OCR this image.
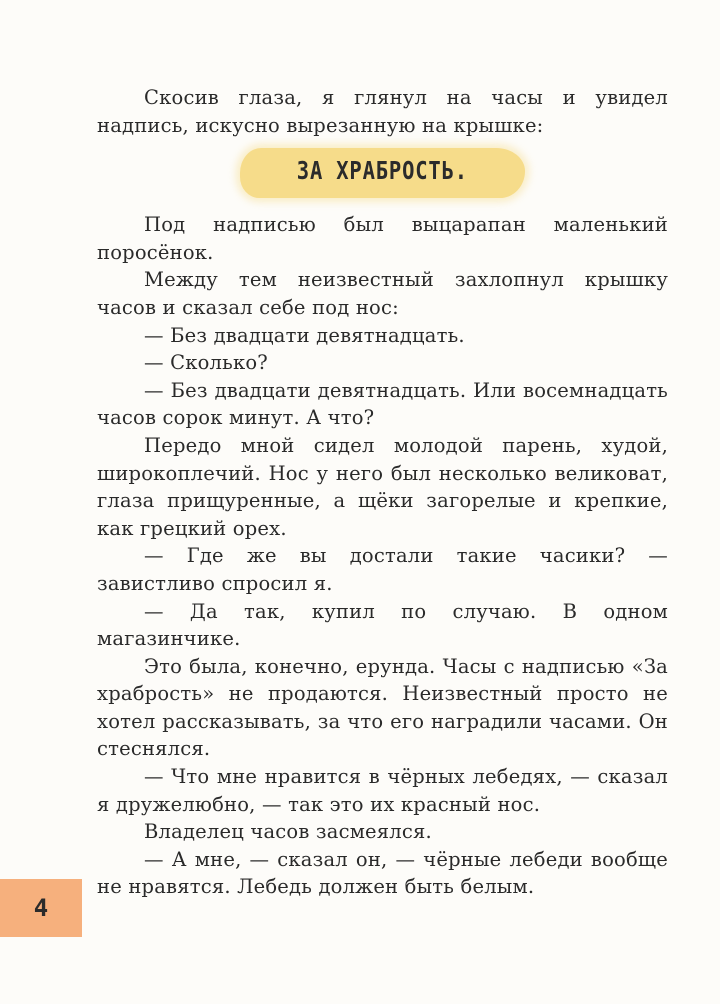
Скосив глаза, я глянул на часы и увидел надпись, искусно вырезанную на крышке:

ЗА ХРАБРОСТЬ.

Под надписью был выцарапан маленький поросёнок.

Между тем неизвестный захлопнул крышку часов и сказал себе под нос:

— Без двадцати девятнадцать.

— Сколько?

— Без двадцати девятнадцать. Или восемнадцать часов сорок минут. А что?

Передо мной сидел молодой парень, худой, широкоплечий. Нос у него был несколько великоват, глаза прищуренные, а щёки загорелые и крепкие, как грецкий орех.

— Где же вы достали такие часики? — завистливо спросил я.

— Да так, купил по случаю. В одном магазинчике.

Это была, конечно, ерунда. Часы с надписью «За храбрость» не продаются. Неизвестный просто не хотел рассказывать, за что его наградили часами. Он стеснялся.

— Что мне нравится в чёрных лебедях, — сказал я дружелюбно, — так это их красный нос.

Владелец часов засмеялся.

— А мне, — сказал он, — чёрные лебеди вообще не нравятся. Лебедь должен быть белым.

4
